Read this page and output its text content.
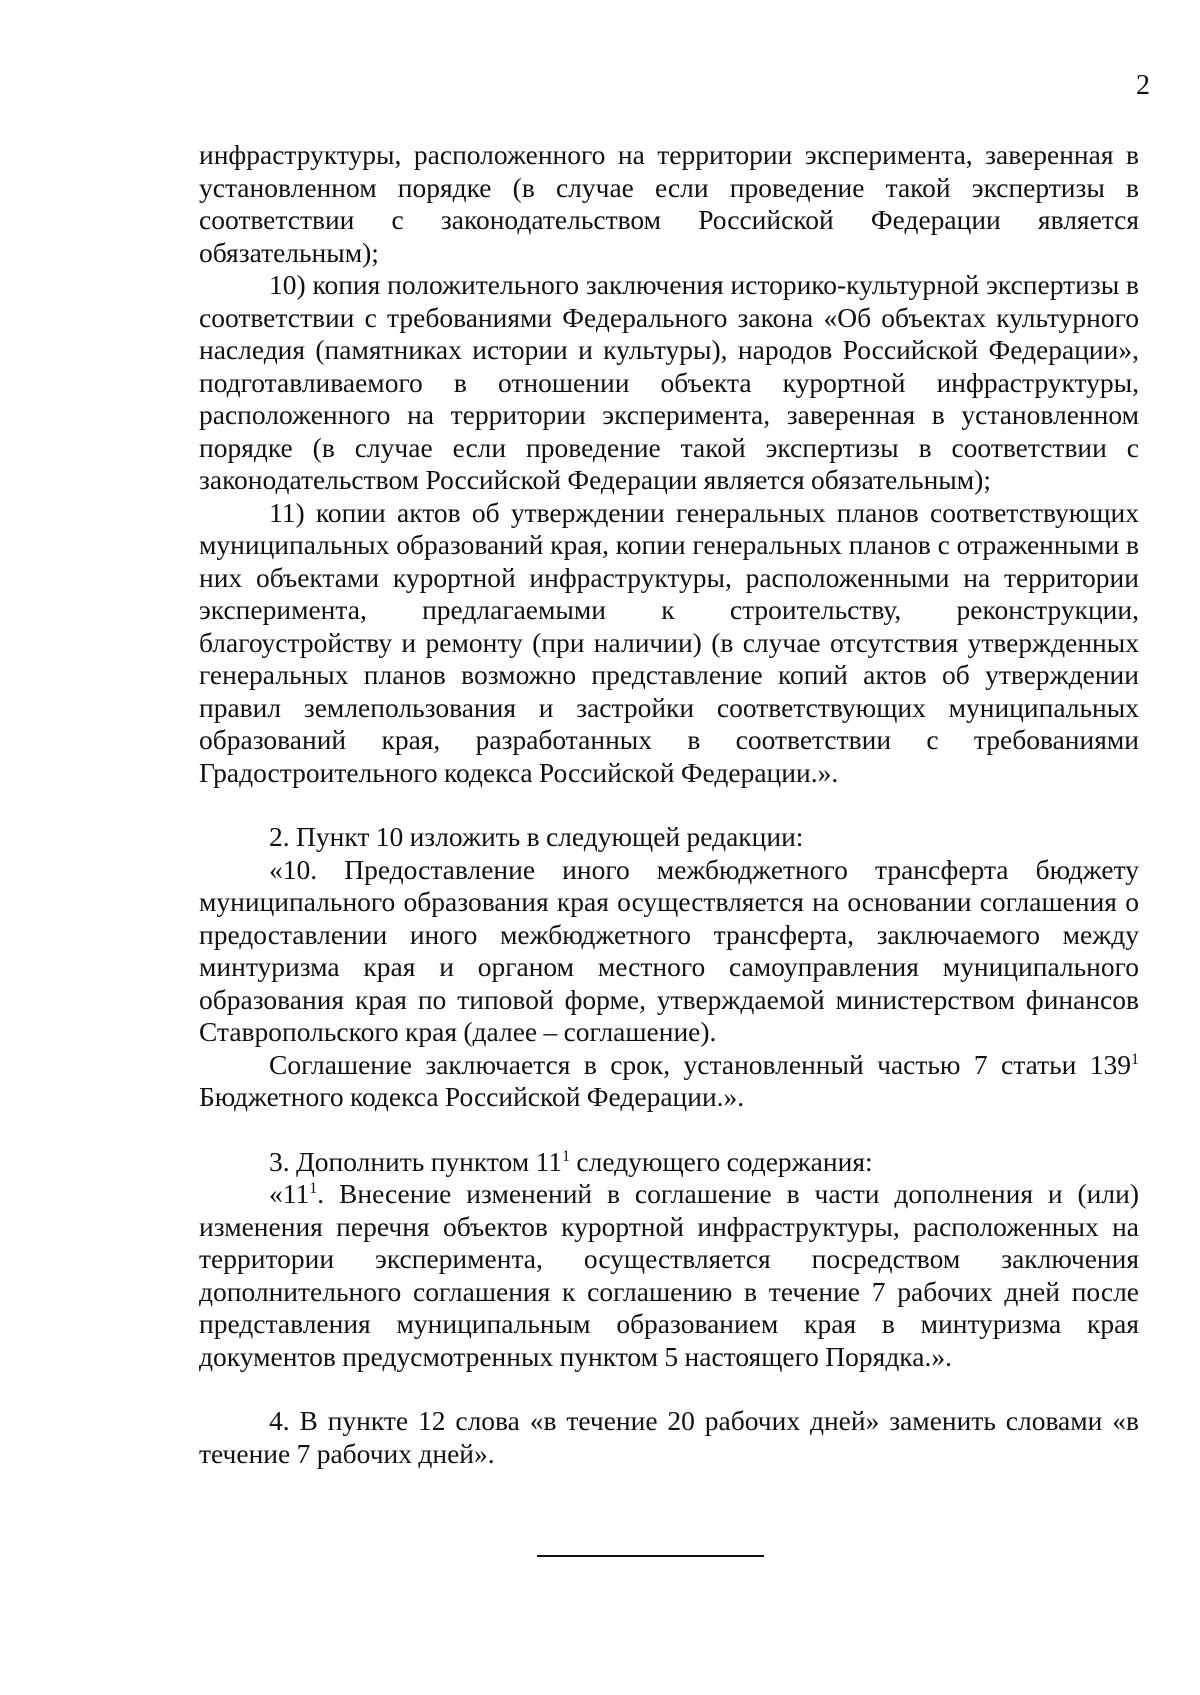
2

инфраструктуры, расположенного на территории эксперимента, заверенная в установленном порядке (в случае если проведение такой экспертизы в соответствии с законодательством Российской Федерации является обязательным);

10) копия положительного заключения историко-культурной экспертизы в соответствии с требованиями Федерального закона «Об объектах культурного наследия (памятниках истории и культуры), народов Российской Федерации», подготавливаемого в отношении объекта курортной инфраструктуры, расположенного на территории эксперимента, заверенная в установленном порядке (в случае если проведение такой экспертизы в соответствии с законодательством Российской Федерации является обязательным);

11) копии актов об утверждении генеральных планов соответствующих муниципальных образований края, копии генеральных планов с отраженными в них объектами курортной инфраструктуры, расположенными на территории эксперимента, предлагаемыми к строительству, реконструкции, благоустройству и ремонту (при наличии) (в случае отсутствия утвержденных генеральных планов возможно представление копий актов об утверждении правил землепользования и застройки соответствующих муниципальных образований края, разработанных в соответствии с требованиями Градостроительного кодекса Российской Федерации.».

2. Пункт 10 изложить в следующей редакции:

«10. Предоставление иного межбюджетного трансферта бюджету муниципального образования края осуществляется на основании соглашения о предоставлении иного межбюджетного трансферта, заключаемого между минтуризма края и органом местного самоуправления муниципального образования края по типовой форме, утверждаемой министерством финансов Ставропольского края (далее – соглашение).

Соглашение заключается в срок, установленный частью 7 статьи $139^1$ Бюджетного кодекса Российской Федерации.».

3. Дополнить пунктом $11^1$ следующего содержания:

«$11^1$. Внесение изменений в соглашение в части дополнения и (или) изменения перечня объектов курортной инфраструктуры, расположенных на территории эксперимента, осуществляется посредством заключения дополнительного соглашения к соглашению в течение 7 рабочих дней после представления муниципальным образованием края в минтуризма края документов предусмотренных пунктом 5 настоящего Порядка.».

4. В пункте 12 слова «в течение 20 рабочих дней» заменить словами «в течение 7 рабочих дней».
